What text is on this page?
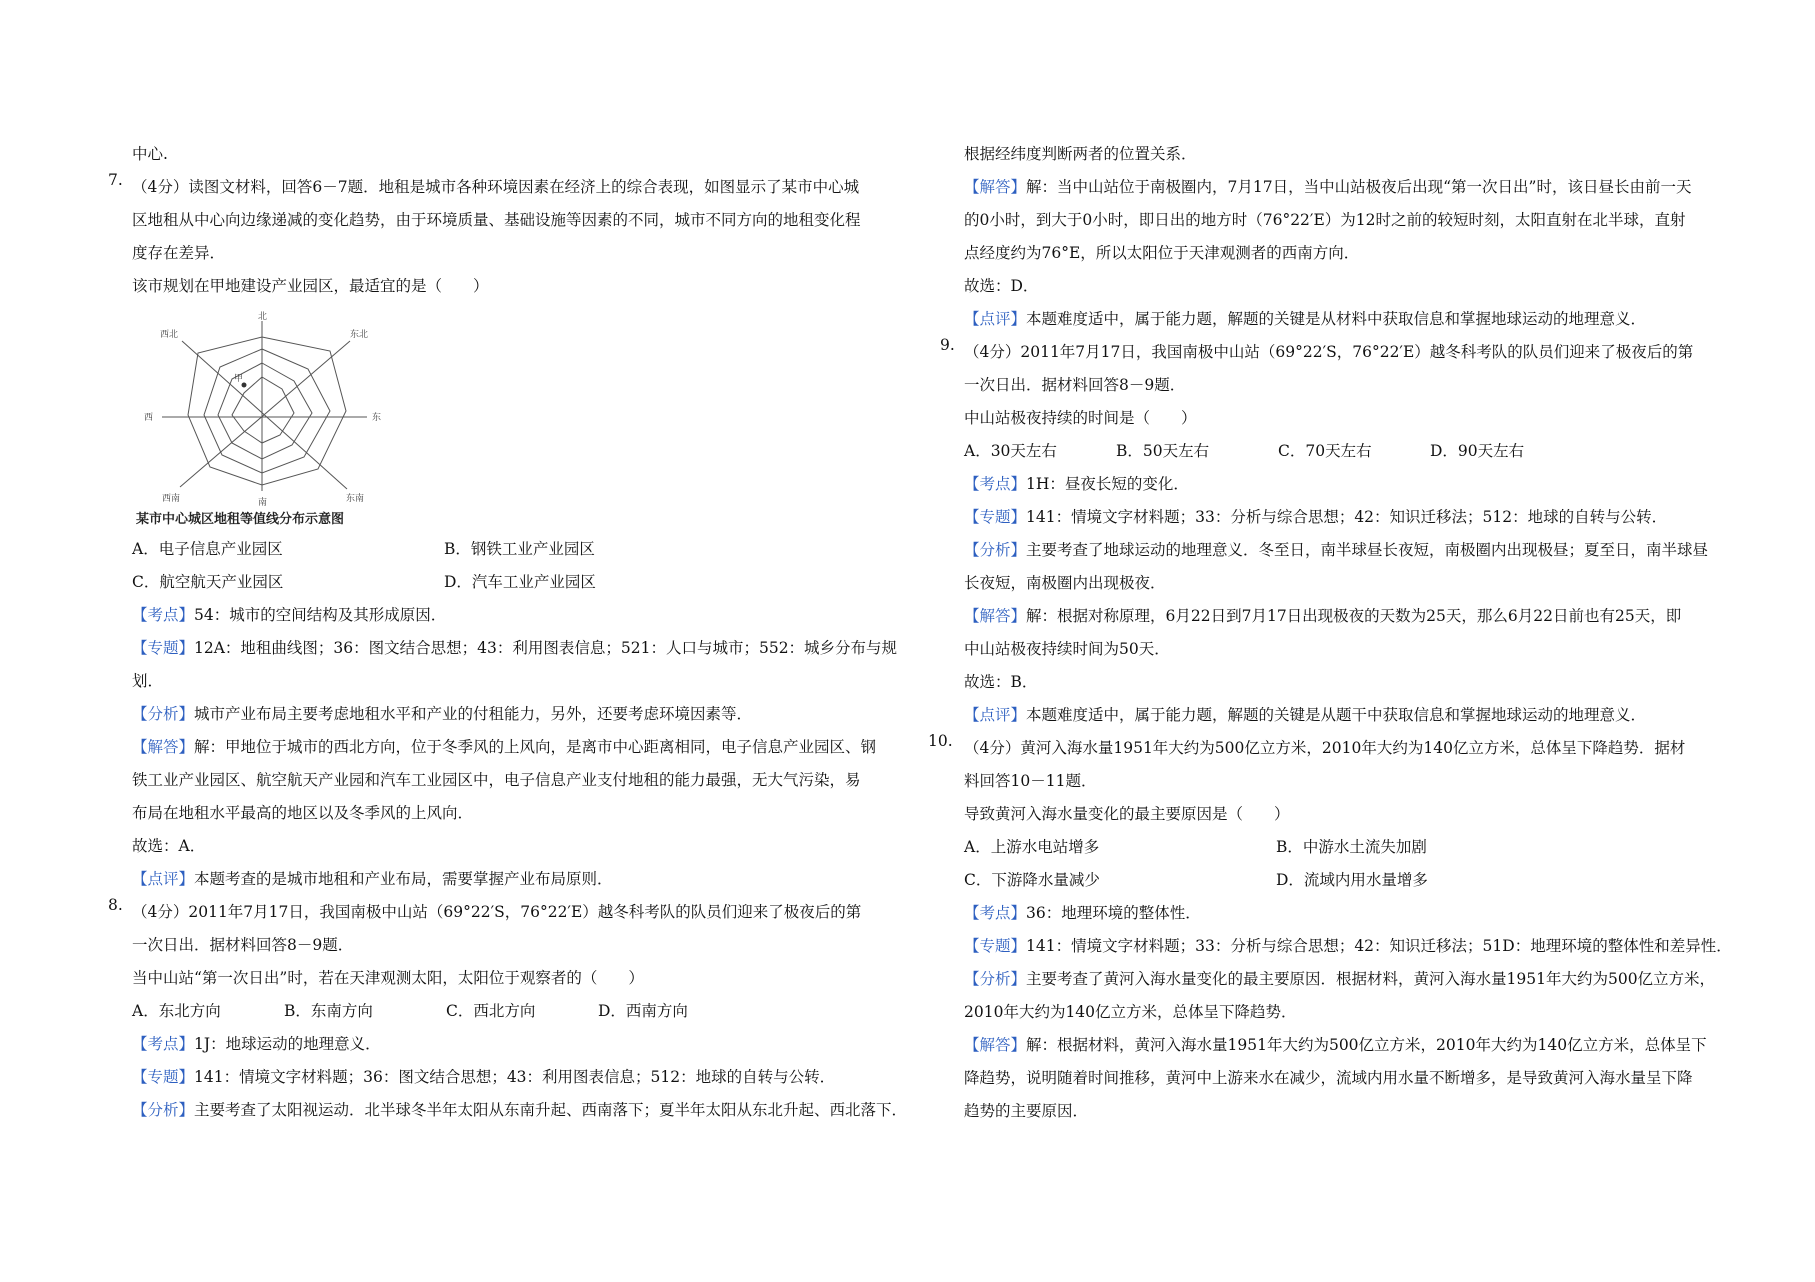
中心.
7. （4分）读图文材料，回答6－7题．地租是城市各种环境因素在经济上的综合表现，如图显示了某市中心城
区地租从中心向边缘递减的变化趋势，由于环境质量、基础设施等因素的不同，城市不同方向的地租变化程
度存在差异．
该市规划在甲地建设产业园区，最适宜的是（　　）
北
南
东
西
东北
西北
东南
西南
甲
某市中心城区地租等值线分布示意图
A．电子信息产业园区	B．钢铁工业产业园区
C．航空航天产业园区	D．汽车工业产业园区
【考点】54：城市的空间结构及其形成原因．
【专题】12A：地租曲线图；36：图文结合思想；43：利用图表信息；521：人口与城市；552：城乡分布与规
划．
【分析】城市产业布局主要考虑地租水平和产业的付租能力，另外，还要考虑环境因素等．
【解答】解：甲地位于城市的西北方向，位于冬季风的上风向，是离市中心距离相同，电子信息产业园区、钢
铁工业产业园区、航空航天产业园和汽车工业园区中，电子信息产业支付地租的能力最强，无大气污染，易
布局在地租水平最高的地区以及冬季风的上风向．
故选：A．
【点评】本题考查的是城市地租和产业布局，需要掌握产业布局原则．
8. （4分）2011年7月17日，我国南极中山站（69°22′S，76°22′E）越冬科考队的队员们迎来了极夜后的第
一次日出．据材料回答8－9题．
当中山站“第一次日出”时，若在天津观测太阳，太阳位于观察者的（　　）
A．东北方向	B．东南方向	C．西北方向	D．西南方向
【考点】1J：地球运动的地理意义．
【专题】141：情境文字材料题；36：图文结合思想；43：利用图表信息；512：地球的自转与公转．
【分析】主要考查了太阳视运动．北半球冬半年太阳从东南升起、西南落下；夏半年太阳从东北升起、西北落下．
根据经纬度判断两者的位置关系．
【解答】解：当中山站位于南极圈内，7月17日，当中山站极夜后出现“第一次日出”时，该日昼长由前一天
的0小时，到大于0小时，即日出的地方时（76°22′E）为12时之前的较短时刻，太阳直射在北半球，直射
点经度约为76°E，所以太阳位于天津观测者的西南方向．
故选：D．
【点评】本题难度适中，属于能力题，解题的关键是从材料中获取信息和掌握地球运动的地理意义．
9. （4分）2011年7月17日，我国南极中山站（69°22′S，76°22′E）越冬科考队的队员们迎来了极夜后的第
一次日出．据材料回答8－9题．
中山站极夜持续的时间是（　　）
A．30天左右	B．50天左右	C．70天左右	D．90天左右
【考点】1H：昼夜长短的变化．
【专题】141：情境文字材料题；33：分析与综合思想；42：知识迁移法；512：地球的自转与公转．
【分析】主要考查了地球运动的地理意义．冬至日，南半球昼长夜短，南极圈内出现极昼；夏至日，南半球昼
长夜短，南极圈内出现极夜．
【解答】解：根据对称原理，6月22日到7月17日出现极夜的天数为25天，那么6月22日前也有25天，即
中山站极夜持续时间为50天．
故选：B．
【点评】本题难度适中，属于能力题，解题的关键是从题干中获取信息和掌握地球运动的地理意义．
10. （4分）黄河入海水量1951年大约为500亿立方米，2010年大约为140亿立方米，总体呈下降趋势．据材
料回答10－11题．
导致黄河入海水量变化的最主要原因是（　　）
A．上游水电站增多	B．中游水土流失加剧
C．下游降水量减少	D．流域内用水量增多
【考点】36：地理环境的整体性．
【专题】141：情境文字材料题；33：分析与综合思想；42：知识迁移法；51D：地理环境的整体性和差异性．
【分析】主要考查了黄河入海水量变化的最主要原因．根据材料，黄河入海水量1951年大约为500亿立方米，
2010年大约为140亿立方米，总体呈下降趋势．
【解答】解：根据材料，黄河入海水量1951年大约为500亿立方米，2010年大约为140亿立方米，总体呈下
降趋势，说明随着时间推移，黄河中上游来水在减少，流域内用水量不断增多，是导致黄河入海水量呈下降
趋势的主要原因．
